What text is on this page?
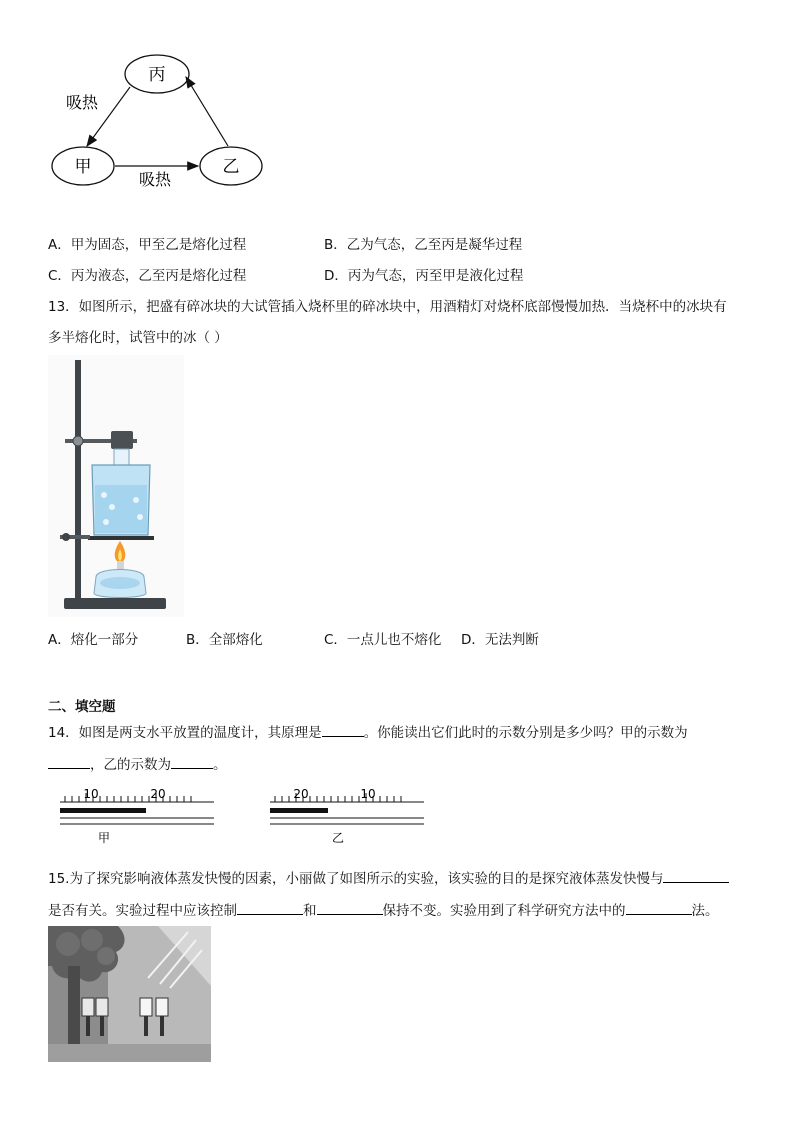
丙
甲	乙
吸热
吸热
A．甲为固态，甲至乙是熔化过程	B．乙为气态，乙至丙是凝华过程
C．丙为液态，乙至丙是熔化过程	D．丙为气态，丙至甲是液化过程
13．如图所示，把盛有碎冰块的大试管插入烧杯里的碎冰块中，用酒精灯对烧杯底部慢慢加热．当烧杯中的冰块有
多半熔化时，试管中的冰（ ）
A．熔化一部分	B．全部熔化	C．一点儿也不熔化 D．无法判断
二、填空题
14．如图是两支水平放置的温度计，其原理是	。你能读出它们此时的示数分别是多少吗？甲的示数为
，乙的示数为	。
10	20
甲
20	10
乙
15.为了探究影响液体蒸发快慢的因素，小丽做了如图所示的实验，该实验的目的是探究液体蒸发快慢与
是否有关。实验过程中应该控制	和	保持不变。实验用到了科学研究方法中的	法。
